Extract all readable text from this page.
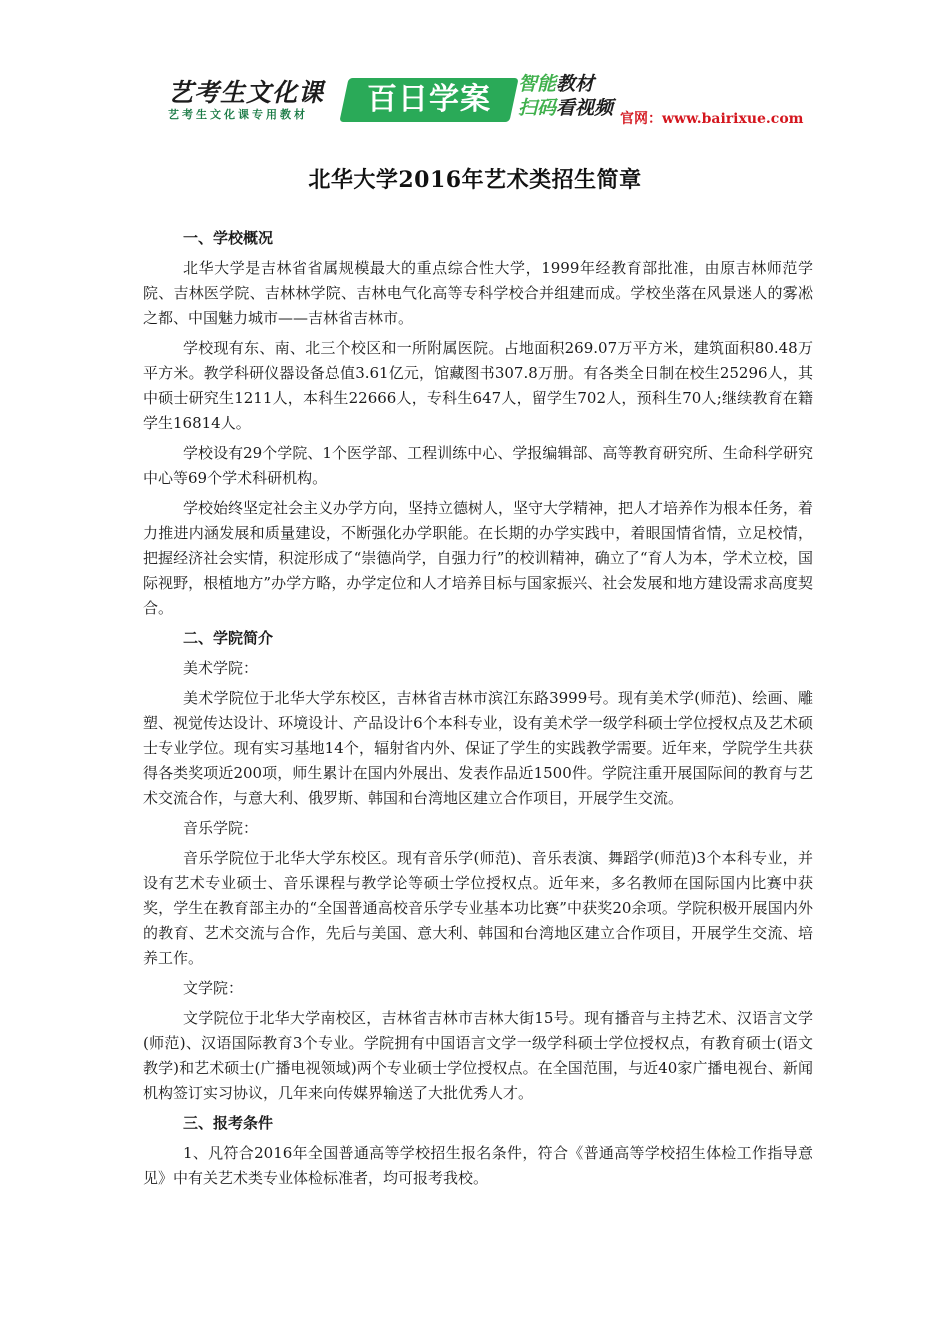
艺考生文化课
艺考生文化课专用教材	百日学案	智能教材
扫码看视频 官网：www.bairixue.com
北华大学2016年艺术类招生简章
一、学校概况
北华大学是吉林省省属规模最大的重点综合性大学，1999年经教育部批准，由原吉林师范学院、吉林医学院、吉林林学院、吉林电气化高等专科学校合并组建而成。学校坐落在风景迷人的雾凇之都、中国魅力城市——吉林省吉林市。
学校现有东、南、北三个校区和一所附属医院。占地面积269.07万平方米，建筑面积80.48万平方米。教学科研仪器设备总值3.61亿元，馆藏图书307.8万册。有各类全日制在校生25296人，其中硕士研究生1211人，本科生22666人，专科生647人，留学生702人，预科生70人;继续教育在籍学生16814人。
学校设有29个学院、1个医学部、工程训练中心、学报编辑部、高等教育研究所、生命科学研究中心等69个学术科研机构。
学校始终坚定社会主义办学方向，坚持立德树人，坚守大学精神，把人才培养作为根本任务，着力推进内涵发展和质量建设，不断强化办学职能。在长期的办学实践中，着眼国情省情，立足校情，把握经济社会实情，积淀形成了“崇德尚学，自强力行”的校训精神，确立了“育人为本，学术立校，国际视野，根植地方”办学方略，办学定位和人才培养目标与国家振兴、社会发展和地方建设需求高度契合。
二、学院简介
美术学院：
美术学院位于北华大学东校区，吉林省吉林市滨江东路3999号。现有美术学(师范)、绘画、雕塑、视觉传达设计、环境设计、产品设计6个本科专业，设有美术学一级学科硕士学位授权点及艺术硕士专业学位。现有实习基地14个，辐射省内外、保证了学生的实践教学需要。近年来，学院学生共获得各类奖项近200项，师生累计在国内外展出、发表作品近1500件。学院注重开展国际间的教育与艺术交流合作，与意大利、俄罗斯、韩国和台湾地区建立合作项目，开展学生交流。
音乐学院：
音乐学院位于北华大学东校区。现有音乐学(师范)、音乐表演、舞蹈学(师范)3个本科专业，并设有艺术专业硕士、音乐课程与教学论等硕士学位授权点。近年来，多名教师在国际国内比赛中获奖，学生在教育部主办的“全国普通高校音乐学专业基本功比赛”中获奖20余项。学院积极开展国内外的教育、艺术交流与合作，先后与美国、意大利、韩国和台湾地区建立合作项目，开展学生交流、培养工作。
文学院：
文学院位于北华大学南校区，吉林省吉林市吉林大街15号。现有播音与主持艺术、汉语言文学(师范)、汉语国际教育3个专业。学院拥有中国语言文学一级学科硕士学位授权点，有教育硕士(语文教学)和艺术硕士(广播电视领域)两个专业硕士学位授权点。在全国范围，与近40家广播电视台、新闻机构签订实习协议，几年来向传媒界输送了大批优秀人才。
三、报考条件
1、凡符合2016年全国普通高等学校招生报名条件，符合《普通高等学校招生体检工作指导意见》中有关艺术类专业体检标准者，均可报考我校。
